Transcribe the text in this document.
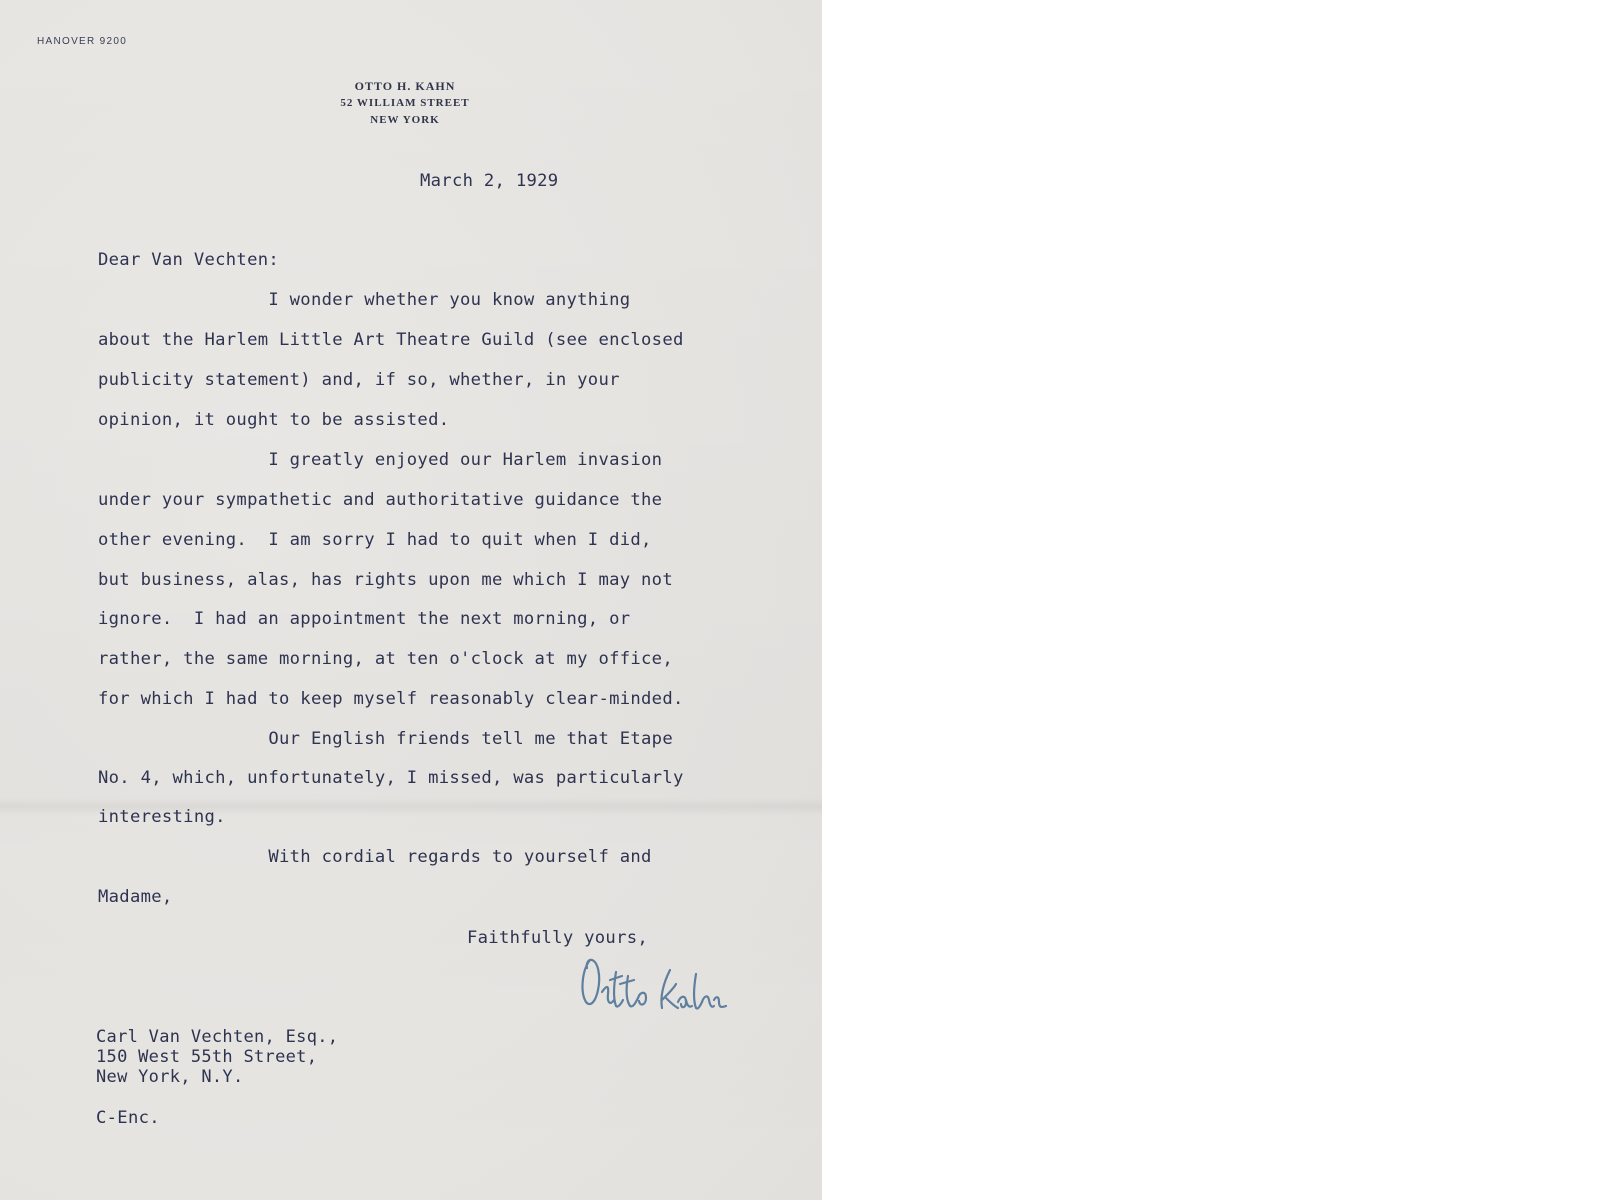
HANOVER 9200
OTTO H. KAHN
52 WILLIAM STREET
NEW YORK
March 2, 1929
Dear Van Vechten:
I wonder whether you know anything
about the Harlem Little Art Theatre Guild (see enclosed
publicity statement) and, if so, whether, in your
opinion, it ought to be assisted.
I greatly enjoyed our Harlem invasion
under your sympathetic and authoritative guidance the
other evening.  I am sorry I had to quit when I did,
but business, alas, has rights upon me which I may not
ignore.  I had an appointment the next morning, or
rather, the same morning, at ten o'clock at my office,
for which I had to keep myself reasonably clear-minded.
Our English friends tell me that Etape
No. 4, which, unfortunately, I missed, was particularly
interesting.
With cordial regards to yourself and
Madame,
Faithfully yours,
Carl Van Vechten, Esq.,
150 West 55th Street,
New York, N.Y.
C-Enc.
